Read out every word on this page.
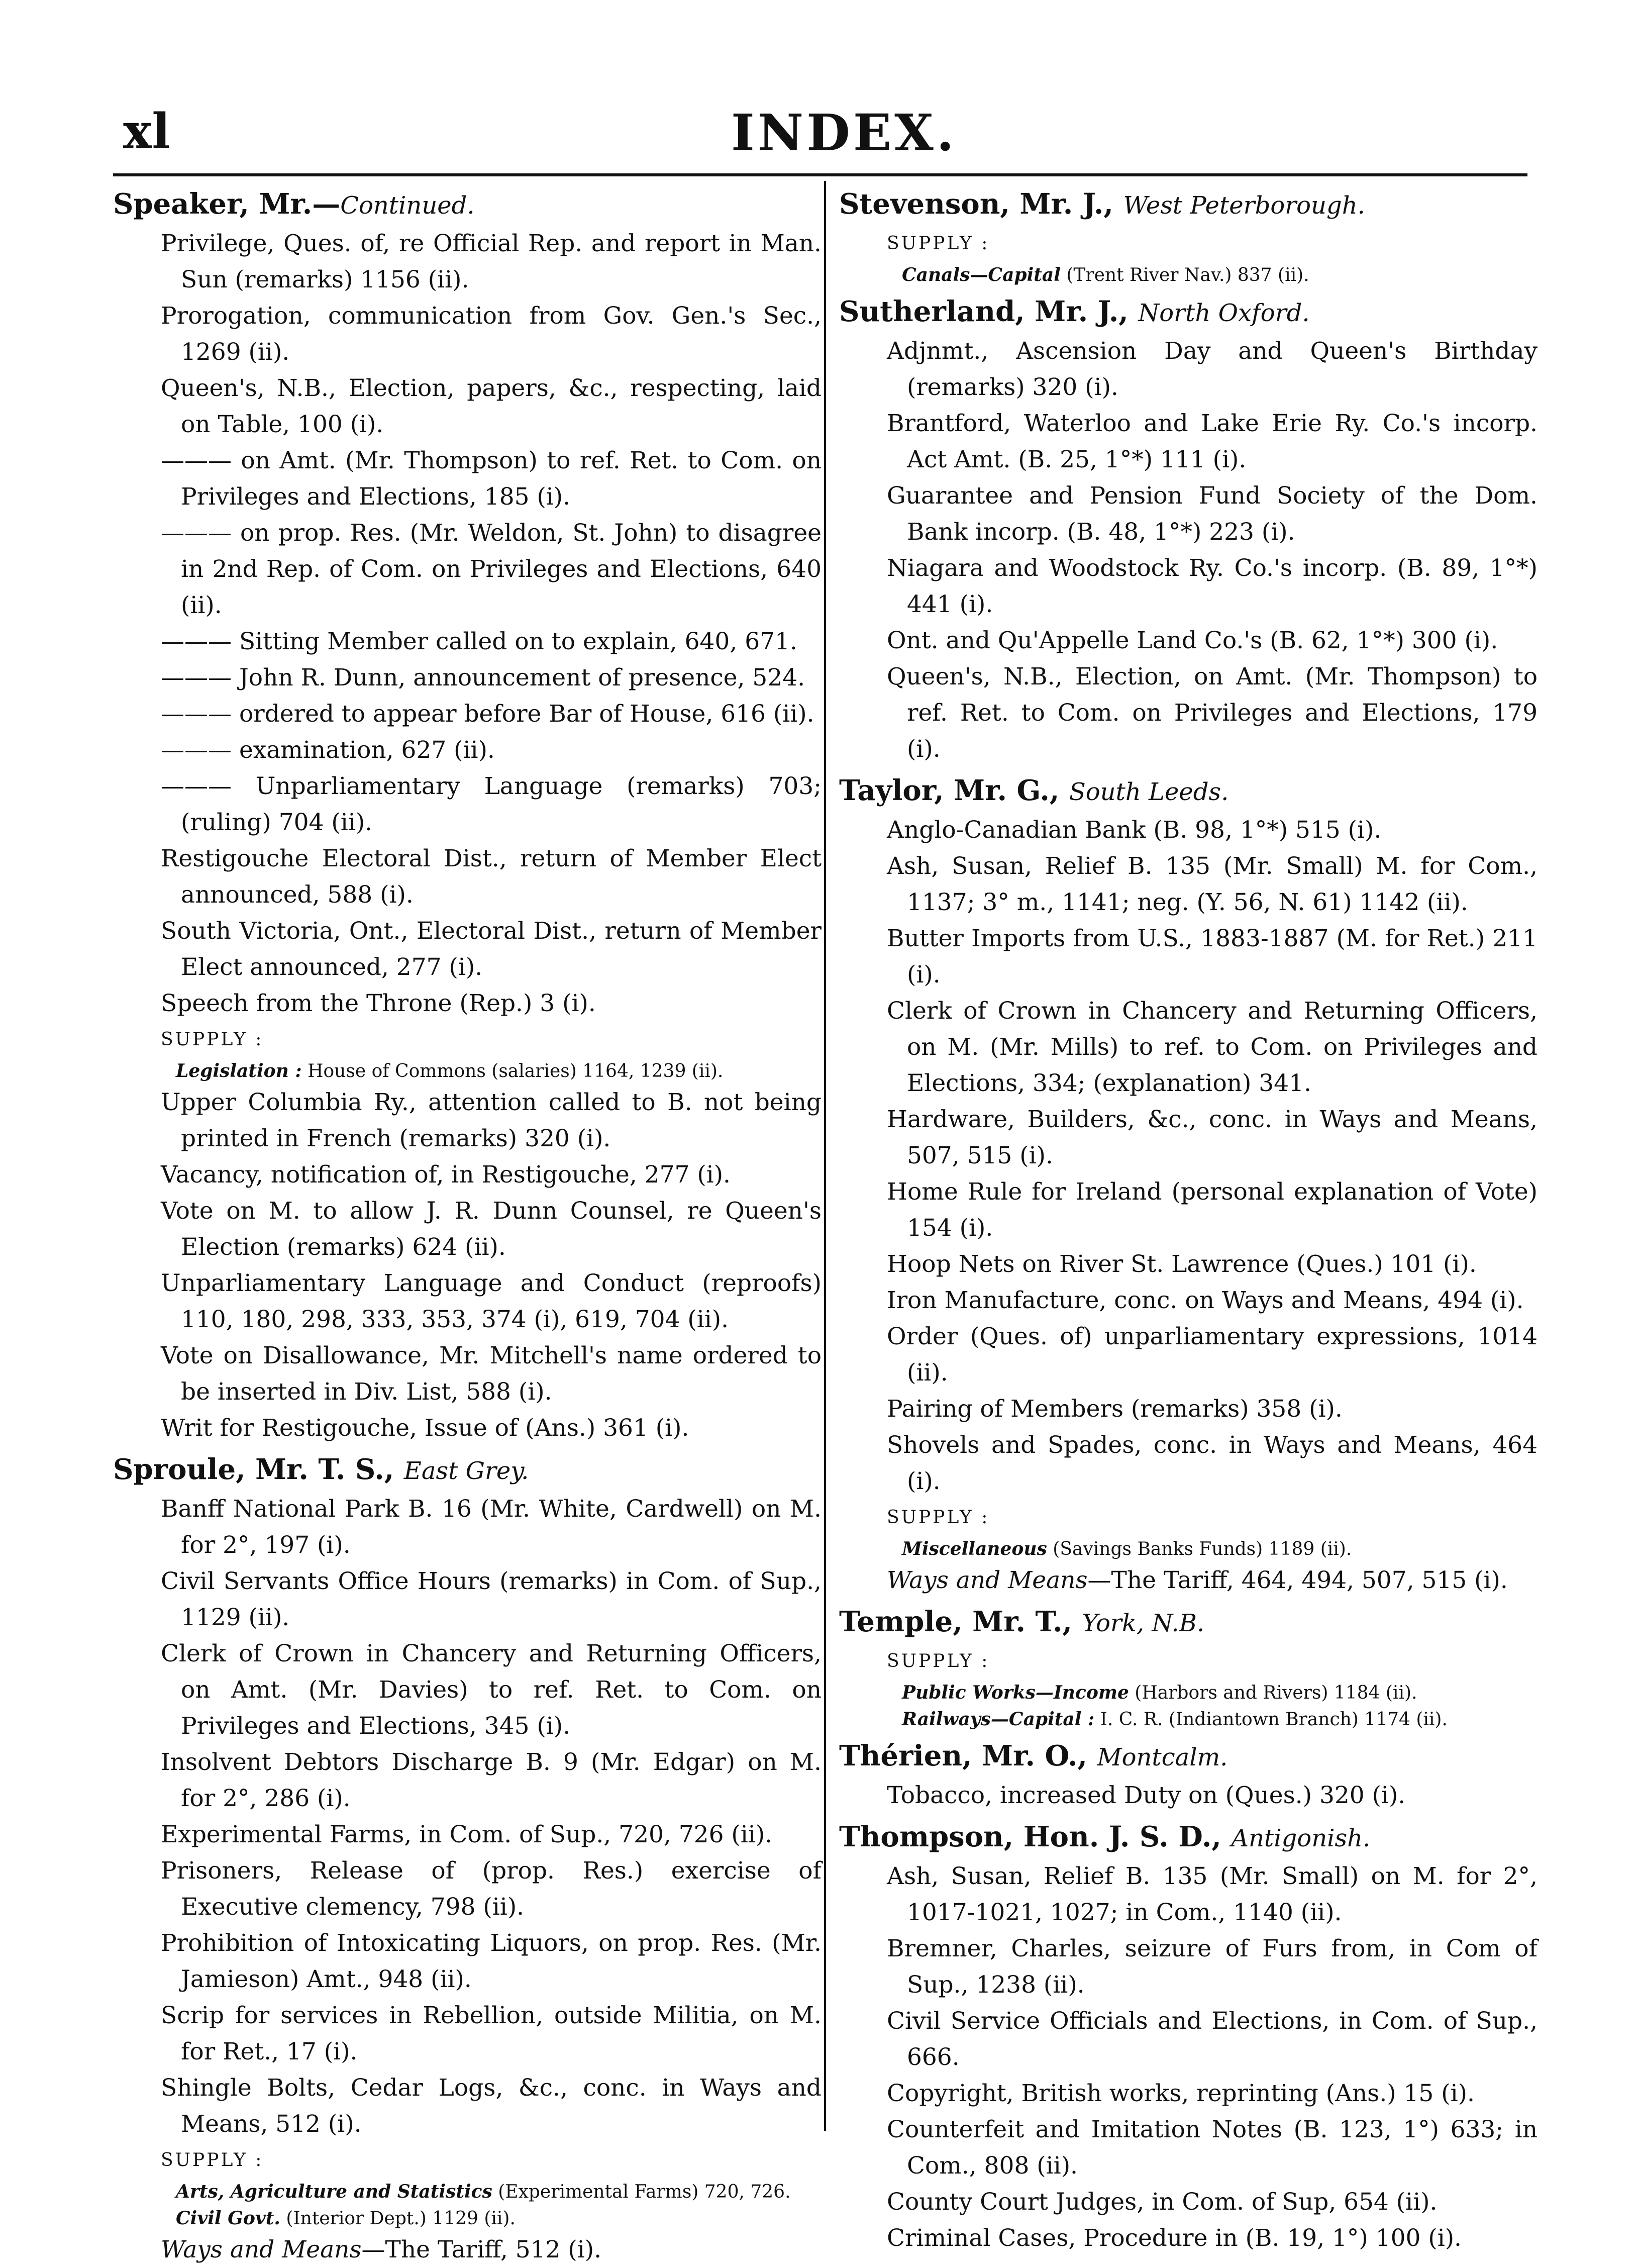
xl	INDEX.
Speaker, Mr.—Continued.
Privilege, Ques. of, re Official Rep. and report in Man. Sun (remarks) 1156 (ii).
Prorogation, communication from Gov. Gen.'s Sec., 1269 (ii).
Queen's, N.B., Election, papers, &c., respecting, laid on Table, 100 (i).
——— on Amt. (Mr. Thompson) to ref. Ret. to Com. on Privileges and Elections, 185 (i).
——— on prop. Res. (Mr. Weldon, St. John) to disagree in 2nd Rep. of Com. on Privileges and Elections, 640 (ii).
——— Sitting Member called on to explain, 640, 671.
——— John R. Dunn, announcement of presence, 524.
——— ordered to appear before Bar of House, 616 (ii).
——— examination, 627 (ii).
——— Unparliamentary Language (remarks) 703; (ruling) 704 (ii).
Restigouche Electoral Dist., return of Member Elect announced, 588 (i).
South Victoria, Ont., Electoral Dist., return of Member Elect announced, 277 (i).
Speech from the Throne (Rep.) 3 (i).
SUPPLY :
Legislation : House of Commons (salaries) 1164, 1239 (ii).
Upper Columbia Ry., attention called to B. not being printed in French (remarks) 320 (i).
Vacancy, notification of, in Restigouche, 277 (i).
Vote on M. to allow J. R. Dunn Counsel, re Queen's Election (remarks) 624 (ii).
Unparliamentary Language and Conduct (reproofs) 110, 180, 298, 333, 353, 374 (i), 619, 704 (ii).
Vote on Disallowance, Mr. Mitchell's name ordered to be inserted in Div. List, 588 (i).
Writ for Restigouche, Issue of (Ans.) 361 (i).
Sproule, Mr. T. S., East Grey.
Banff National Park B. 16 (Mr. White, Cardwell) on M. for 2°, 197 (i).
Civil Servants Office Hours (remarks) in Com. of Sup., 1129 (ii).
Clerk of Crown in Chancery and Returning Officers, on Amt. (Mr. Davies) to ref. Ret. to Com. on Privileges and Elections, 345 (i).
Insolvent Debtors Discharge B. 9 (Mr. Edgar) on M. for 2°, 286 (i).
Experimental Farms, in Com. of Sup., 720, 726 (ii).
Prisoners, Release of (prop. Res.) exercise of Executive clemency, 798 (ii).
Prohibition of Intoxicating Liquors, on prop. Res. (Mr. Jamieson) Amt., 948 (ii).
Scrip for services in Rebellion, outside Militia, on M. for Ret., 17 (i).
Shingle Bolts, Cedar Logs, &c., conc. in Ways and Means, 512 (i).
SUPPLY :
Arts, Agriculture and Statistics (Experimental Farms) 720, 726.
Civil Govt. (Interior Dept.) 1129 (ii).
Ways and Means—The Tariff, 512 (i).
Stevenson, Mr. J., West Peterborough.
SUPPLY :
Canals—Capital (Trent River Nav.) 837 (ii).
Sutherland, Mr. J., North Oxford.
Adjnmt., Ascension Day and Queen's Birthday (remarks) 320 (i).
Brantford, Waterloo and Lake Erie Ry. Co.'s incorp. Act Amt. (B. 25, 1°*) 111 (i).
Guarantee and Pension Fund Society of the Dom. Bank incorp. (B. 48, 1°*) 223 (i).
Niagara and Woodstock Ry. Co.'s incorp. (B. 89, 1°*) 441 (i).
Ont. and Qu'Appelle Land Co.'s (B. 62, 1°*) 300 (i).
Queen's, N.B., Election, on Amt. (Mr. Thompson) to ref. Ret. to Com. on Privileges and Elections, 179 (i).
Taylor, Mr. G., South Leeds.
Anglo-Canadian Bank (B. 98, 1°*) 515 (i).
Ash, Susan, Relief B. 135 (Mr. Small) M. for Com., 1137; 3° m., 1141; neg. (Y. 56, N. 61) 1142 (ii).
Butter Imports from U.S., 1883-1887 (M. for Ret.) 211 (i).
Clerk of Crown in Chancery and Returning Officers, on M. (Mr. Mills) to ref. to Com. on Privileges and Elections, 334; (explanation) 341.
Hardware, Builders, &c., conc. in Ways and Means, 507, 515 (i).
Home Rule for Ireland (personal explanation of Vote) 154 (i).
Hoop Nets on River St. Lawrence (Ques.) 101 (i).
Iron Manufacture, conc. on Ways and Means, 494 (i).
Order (Ques. of) unparliamentary expressions, 1014 (ii).
Pairing of Members (remarks) 358 (i).
Shovels and Spades, conc. in Ways and Means, 464 (i).
SUPPLY :
Miscellaneous (Savings Banks Funds) 1189 (ii).
Ways and Means—The Tariff, 464, 494, 507, 515 (i).
Temple, Mr. T., York, N.B.
SUPPLY :
Public Works—Income (Harbors and Rivers) 1184 (ii).
Railways—Capital : I. C. R. (Indiantown Branch) 1174 (ii).
Thérien, Mr. O., Montcalm.
Tobacco, increased Duty on (Ques.) 320 (i).
Thompson, Hon. J. S. D., Antigonish.
Ash, Susan, Relief B. 135 (Mr. Small) on M. for 2°, 1017-1021, 1027; in Com., 1140 (ii).
Bremner, Charles, seizure of Furs from, in Com of Sup., 1238 (ii).
Civil Service Officials and Elections, in Com. of Sup., 666.
Copyright, British works, reprinting (Ans.) 15 (i).
Counterfeit and Imitation Notes (B. 123, 1°) 633; in Com., 808 (ii).
County Court Judges, in Com. of Sup, 654 (ii).
Criminal Cases, Procedure in (B. 19, 1°) 100 (i).
